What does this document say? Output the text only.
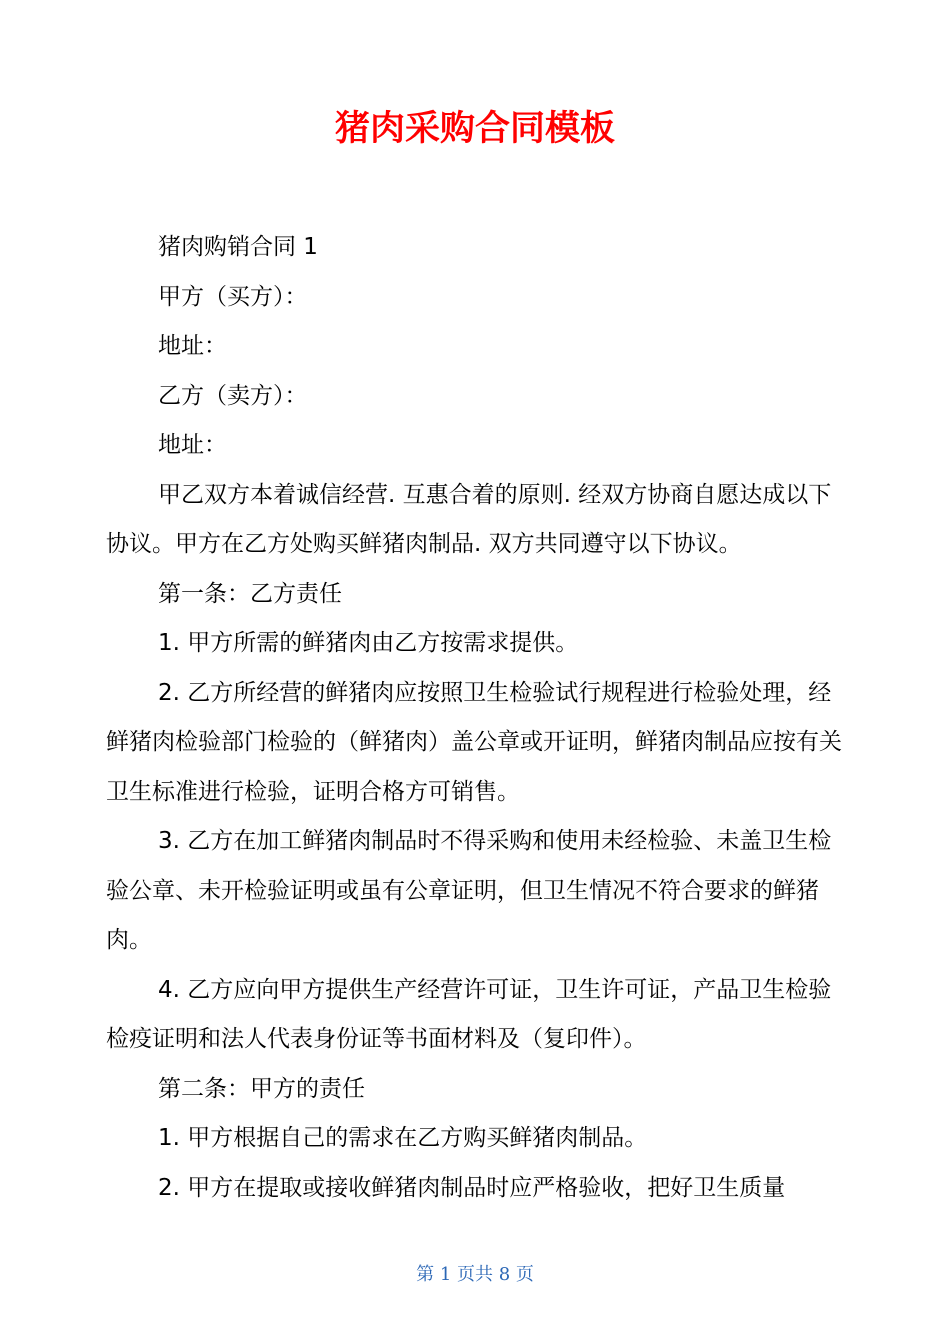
猪肉采购合同模板

猪肉购销合同 1

甲方（买方）：

地址：

乙方（卖方）：

地址：

甲乙双方本着诚信经营. 互惠合着的原则. 经双方协商自愿达成以下协议。甲方在乙方处购买鲜猪肉制品. 双方共同遵守以下协议。

第一条：乙方责任

1. 甲方所需的鲜猪肉由乙方按需求提供。

2. 乙方所经营的鲜猪肉应按照卫生检验试行规程进行检验处理，经鲜猪肉检验部门检验的（鲜猪肉）盖公章或开证明，鲜猪肉制品应按有关卫生标准进行检验，证明合格方可销售。

3. 乙方在加工鲜猪肉制品时不得采购和使用未经检验、未盖卫生检验公章、未开检验证明或虽有公章证明，但卫生情况不符合要求的鲜猪肉。

4. 乙方应向甲方提供生产经营许可证，卫生许可证，产品卫生检验检疫证明和法人代表身份证等书面材料及（复印件）。

第二条：甲方的责任

1. 甲方根据自己的需求在乙方购买鲜猪肉制品。

2. 甲方在提取或接收鲜猪肉制品时应严格验收，把好卫生质量

第 1 页共 8 页
